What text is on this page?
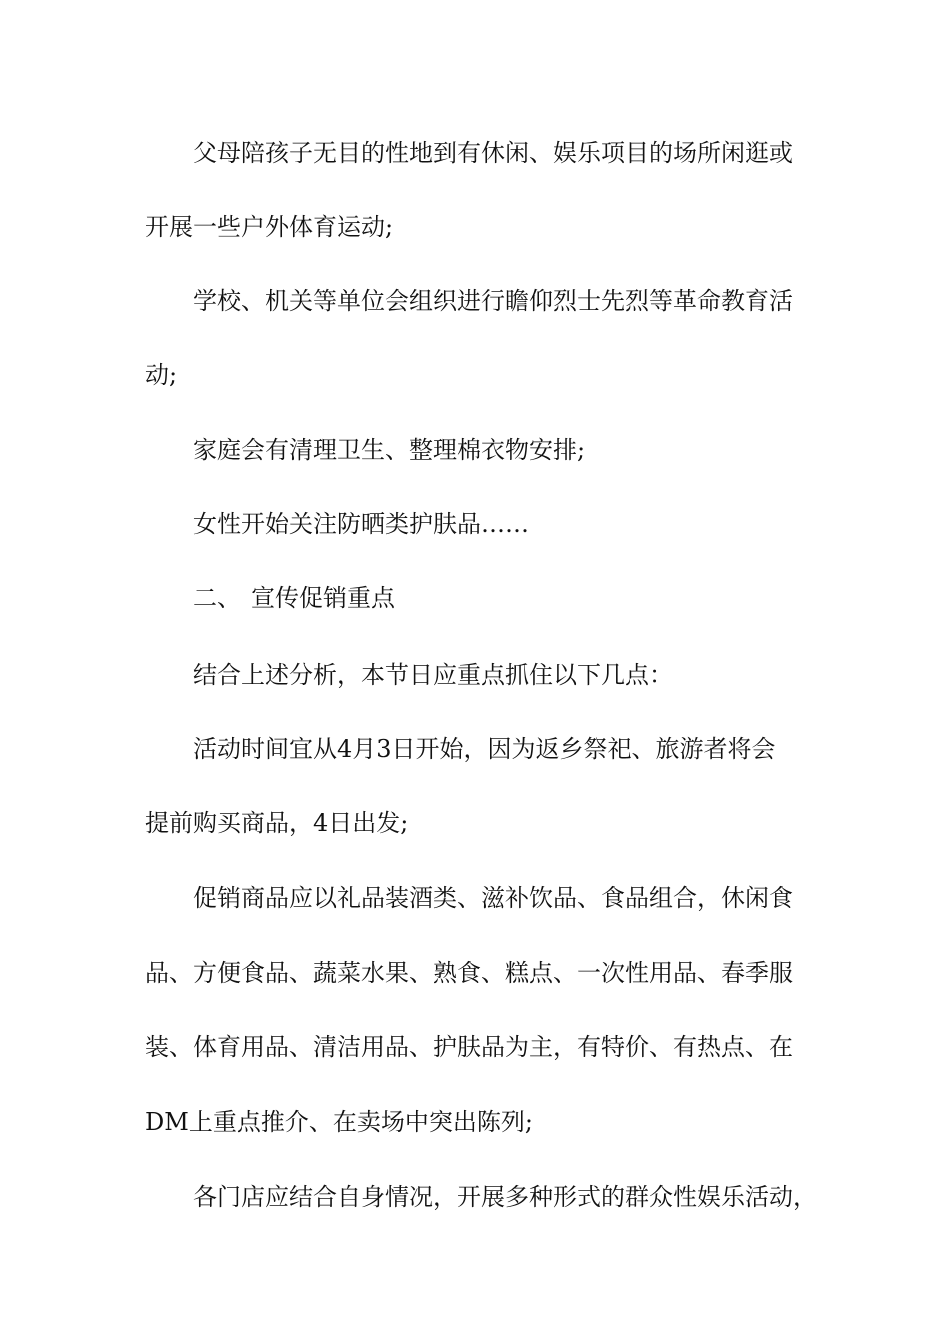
父母陪孩子无目的性地到有休闲、娱乐项目的场所闲逛或
开展一些户外体育运动;
学校、机关等单位会组织进行瞻仰烈士先烈等革命教育活
动;
家庭会有清理卫生、整理棉衣物安排;
女性开始关注防晒类护肤品……
二、 宣传促销重点
结合上述分析，本节日应重点抓住以下几点：
活动时间宜从4月3日开始，因为返乡祭祀、旅游者将会
提前购买商品，4日出发;
促销商品应以礼品装酒类、滋补饮品、食品组合，休闲食
品、方便食品、蔬菜水果、熟食、糕点、一次性用品、春季服
装、体育用品、清洁用品、护肤品为主，有特价、有热点、在
DM上重点推介、在卖场中突出陈列;
各门店应结合自身情况，开展多种形式的群众性娱乐活动，
